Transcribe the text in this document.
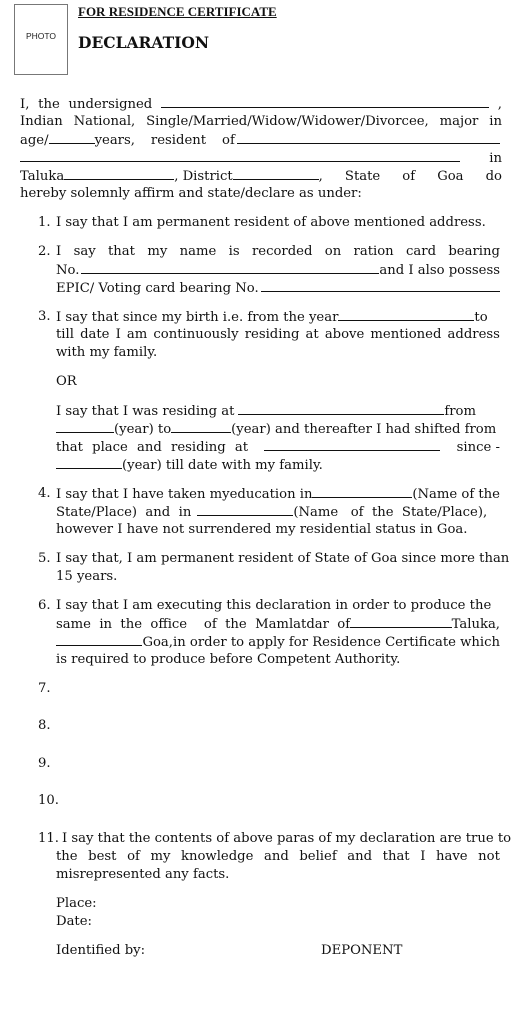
PHOTO
FOR RESIDENCE CERTIFICATE
DECLARATION
I, the undersigned	,
Indian National, Single/Married/Widow/Widower/Divorcee, major in
age/	years, resident of
in
Taluka	, District	, State of Goa do
hereby solemnly affirm and state/declare as under:
1. I say that I am permanent resident of above mentioned address.
2. I say that my name is recorded on ration card bearing
No.	and I also possess
EPIC/ Voting card bearing No.
3. I say that since my birth i.e. from the year	to
till date I am continuously residing at above mentioned address
with my family.
OR
I say that I was residing at	from
(year) to	(year) and thereafter I had shifted from
that place and residing at	since -
(year) till date with my family.
4. I say that I have taken myeducation in	(Name of the
State/Place)  and  in	(Name   of  the  State/Place),
however I have not surrendered my residential status in Goa.
5. I say that, I am permanent resident of State of Goa since more than
15 years.
6. I say that I am executing this declaration in order to produce the
same  in  the  office    of  the  Mamlatdar  of	Taluka,
Goa,in order to apply for Residence Certificate which
is required to produce before Competent Authority.
7.
8.
9.
10.
11. I say that the contents of above paras of my declaration are true to
the best of my knowledge and belief and that I have not
misrepresented any facts.
Place:
Date:
Identified by:	DEPONENT
